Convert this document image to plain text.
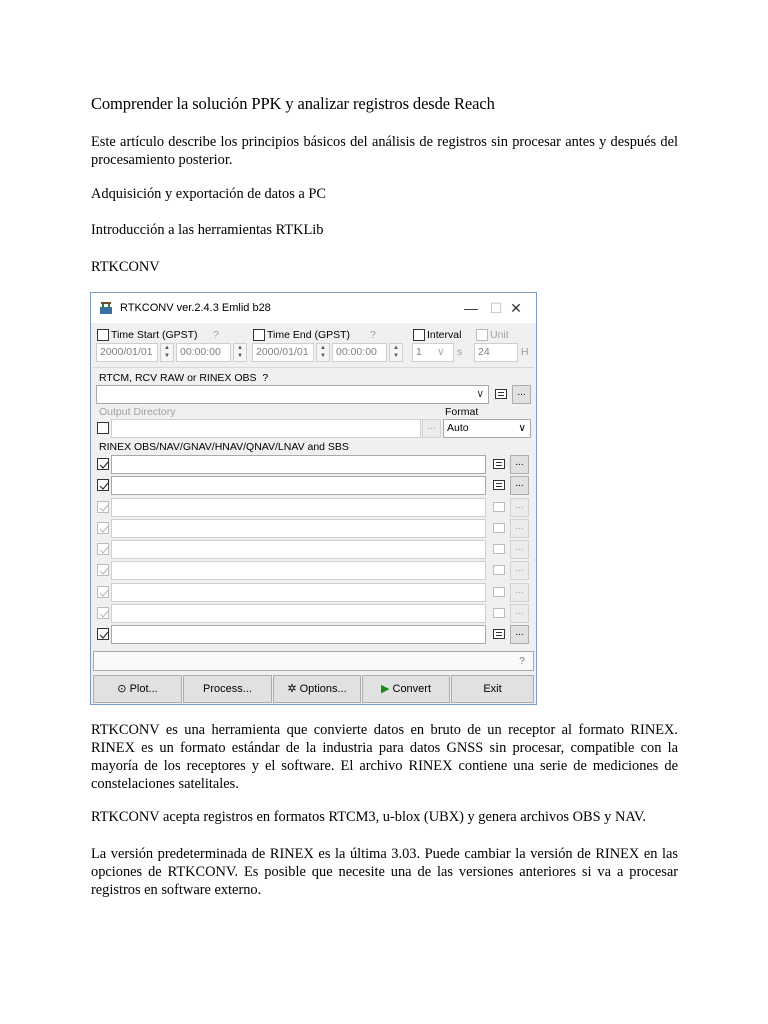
Comprender la solución PPK y analizar registros desde Reach
Este artículo describe los principios básicos del análisis de registros sin procesar antes y después del procesamiento posterior.
Adquisición y exportación de datos a PC
Introducción a las herramientas RTKLib
RTKCONV
RTKCONV ver.2.4.3 Emlid b28	— ☐ ✕
Time Start (GPST) ?	Time End (GPST) ?	Interval	Unit
2000/01/01	▲
▼ 00:00:00	▲
▼	2000/01/01	▲
▼ 00:00:00	▲
▼	1 ∨ s	24	H
RTCM, RCV RAW or RINEX OBS ?
∨	...
Output Directory	Format
...	Auto	∨
RINEX OBS/NAV/GNAV/HNAV/QNAV/LNAV and SBS
...
...
...
...
...
...
...
...
...
?
⊙ Plot...	Process...	✲ Options...	▶ Convert	Exit
RTKCONV es una herramienta que convierte datos en bruto de un receptor al formato RINEX. RINEX es un formato estándar de la industria para datos GNSS sin procesar, compatible con la mayoría de los receptores y el software. El archivo RINEX contiene una serie de mediciones de constelaciones satelitales.
RTKCONV acepta registros en formatos RTCM3, u-blox (UBX) y genera archivos OBS y NAV.
La versión predeterminada de RINEX es la última 3.03. Puede cambiar la versión de RINEX en las opciones de RTKCONV. Es posible que necesite una de las versiones anteriores si va a procesar registros en software externo.
